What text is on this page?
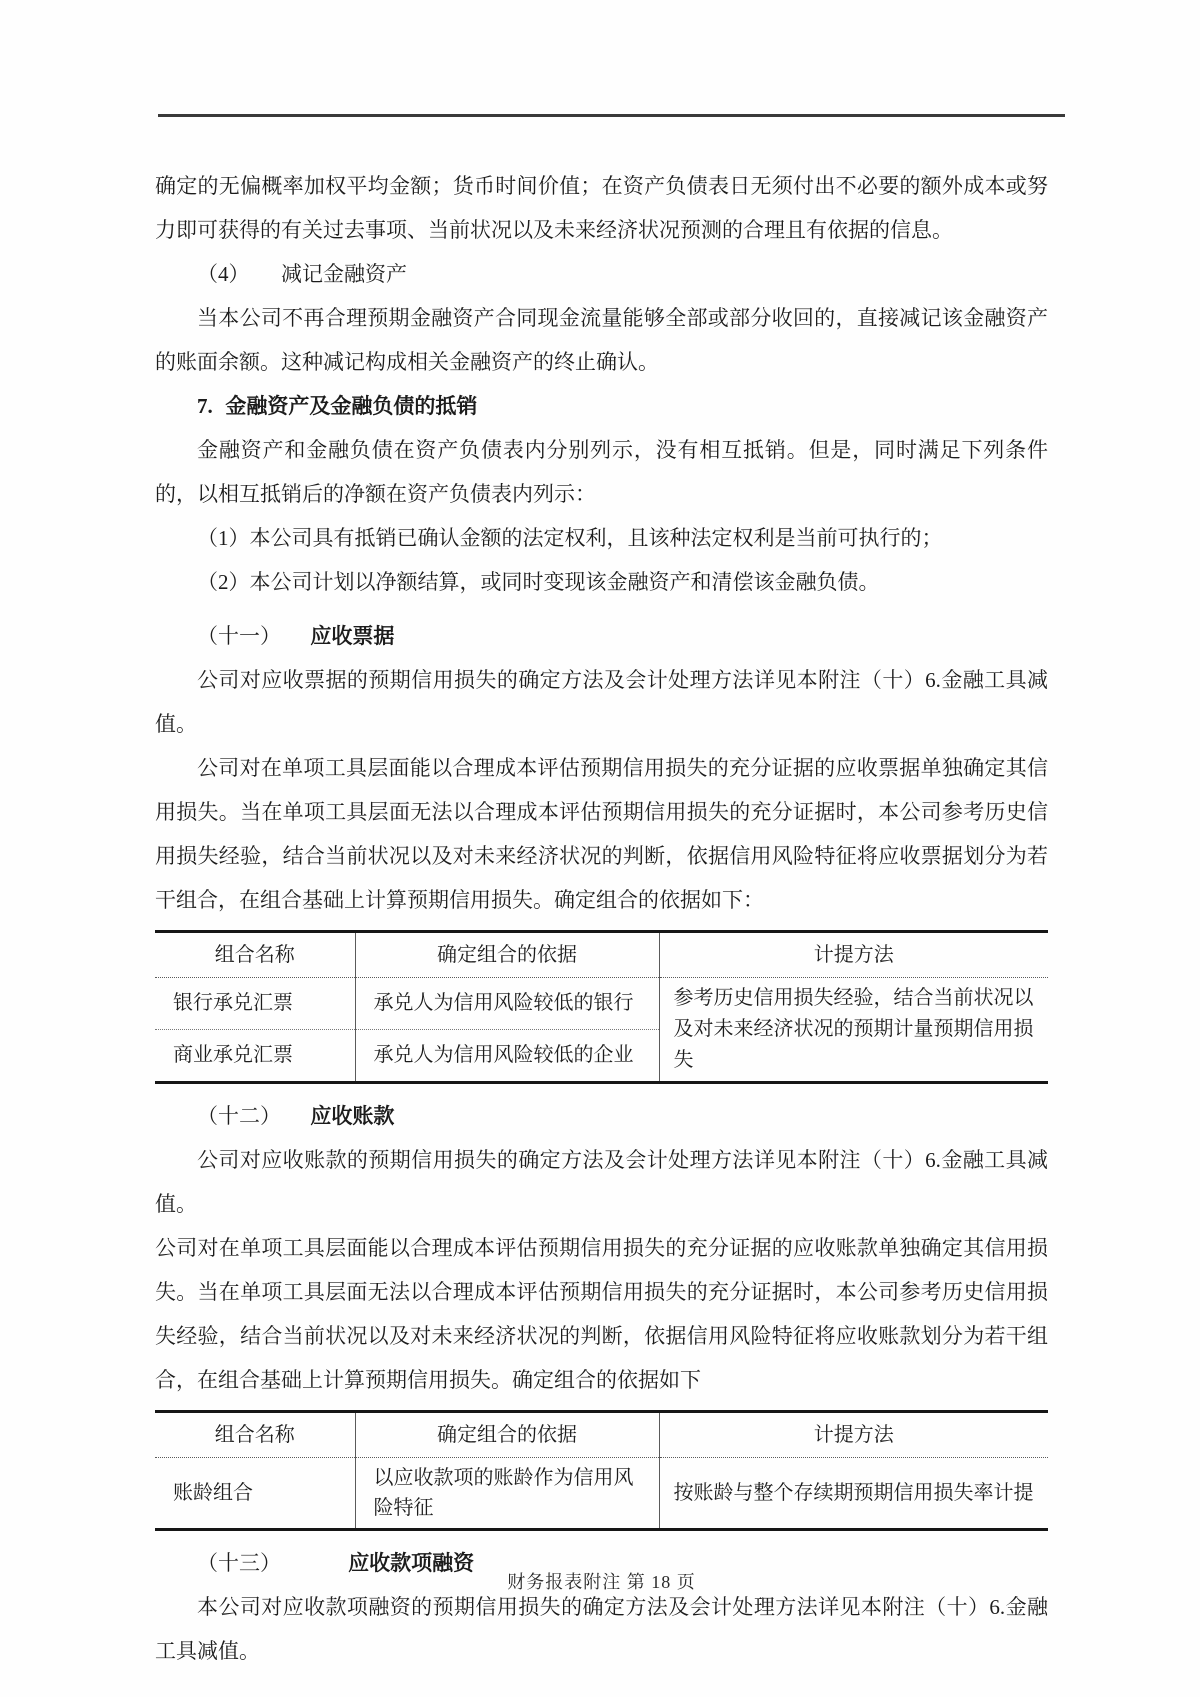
确定的无偏概率加权平均金额；货币时间价值；在资产负债表日无须付出不必要的额外成本或努力即可获得的有关过去事项、当前状况以及未来经济状况预测的合理且有依据的信息。

（4） 减记金融资产

当本公司不再合理预期金融资产合同现金流量能够全部或部分收回的，直接减记该金融资产的账面余额。这种减记构成相关金融资产的终止确认。

7. 金融资产及金融负债的抵销

金融资产和金融负债在资产负债表内分别列示，没有相互抵销。但是，同时满足下列条件的，以相互抵销后的净额在资产负债表内列示：

（1）本公司具有抵销已确认金额的法定权利，且该种法定权利是当前可执行的；

（2）本公司计划以净额结算，或同时变现该金融资产和清偿该金融负债。

（十一） 应收票据

公司对应收票据的预期信用损失的确定方法及会计处理方法详见本附注（十）6.金融工具减值。

公司对在单项工具层面能以合理成本评估预期信用损失的充分证据的应收票据单独确定其信用损失。当在单项工具层面无法以合理成本评估预期信用损失的充分证据时，本公司参考历史信用损失经验，结合当前状况以及对未来经济状况的判断，依据信用风险特征将应收票据划分为若干组合，在组合基础上计算预期信用损失。确定组合的依据如下：

组合名称	确定组合的依据	计提方法
银行承兑汇票	承兑人为信用风险较低的银行	参考历史信用损失经验，结合当前状况以及对未来经济状况的预期计量预期信用损失
商业承兑汇票	承兑人为信用风险较低的企业	

（十二） 应收账款

公司对应收账款的预期信用损失的确定方法及会计处理方法详见本附注（十）6.金融工具减值。

公司对在单项工具层面能以合理成本评估预期信用损失的充分证据的应收账款单独确定其信用损失。当在单项工具层面无法以合理成本评估预期信用损失的充分证据时，本公司参考历史信用损失经验，结合当前状况以及对未来经济状况的判断，依据信用风险特征将应收账款划分为若干组合，在组合基础上计算预期信用损失。确定组合的依据如下

组合名称	确定组合的依据	计提方法
账龄组合	以应收款项的账龄作为信用风险特征	按账龄与整个存续期预期信用损失率计提

（十三）	应收款项融资

本公司对应收款项融资的预期信用损失的确定方法及会计处理方法详见本附注（十）6.金融工具减值。

财务报表附注 第 18 页
